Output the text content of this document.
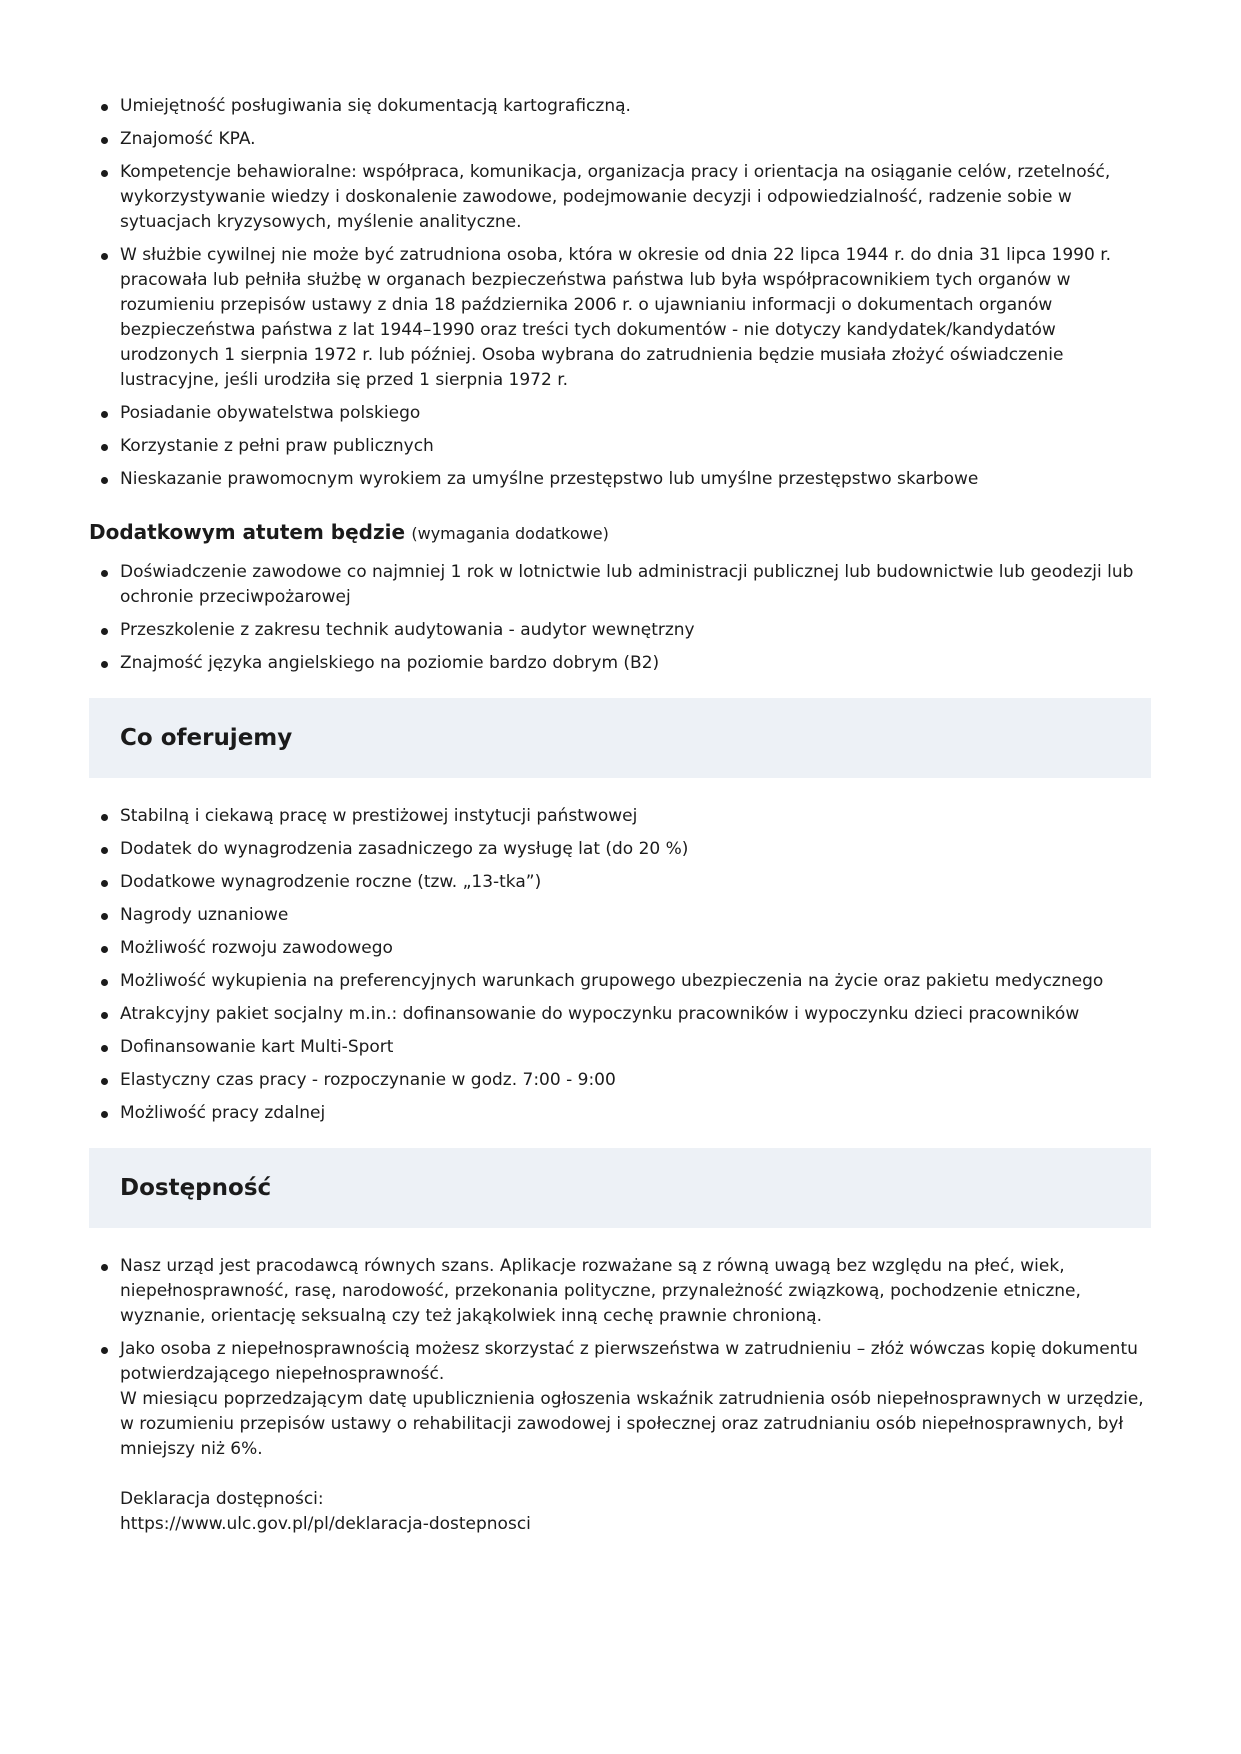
Umiejętność posługiwania się dokumentacją kartograficzną.
Znajomość KPA.
Kompetencje behawioralne: współpraca, komunikacja, organizacja pracy i orientacja na osiąganie celów, rzetelność, wykorzystywanie wiedzy i doskonalenie zawodowe, podejmowanie decyzji i odpowiedzialność, radzenie sobie w sytuacjach kryzysowych, myślenie analityczne.
W służbie cywilnej nie może być zatrudniona osoba, która w okresie od dnia 22 lipca 1944 r. do dnia 31 lipca 1990 r. pracowała lub pełniła służbę w organach bezpieczeństwa państwa lub była współpracownikiem tych organów w rozumieniu przepisów ustawy z dnia 18 października 2006 r. o ujawnianiu informacji o dokumentach organów bezpieczeństwa państwa z lat 1944–1990 oraz treści tych dokumentów - nie dotyczy kandydatek/kandydatów urodzonych 1 sierpnia 1972 r. lub później. Osoba wybrana do zatrudnienia będzie musiała złożyć oświadczenie lustracyjne, jeśli urodziła się przed 1 sierpnia 1972 r.
Posiadanie obywatelstwa polskiego
Korzystanie z pełni praw publicznych
Nieskazanie prawomocnym wyrokiem za umyślne przestępstwo lub umyślne przestępstwo skarbowe
Dodatkowym atutem będzie (wymagania dodatkowe)
Doświadczenie zawodowe co najmniej 1 rok w lotnictwie lub administracji publicznej lub budownictwie lub geodezji lub ochronie przeciwpożarowej
Przeszkolenie z zakresu technik audytowania - audytor wewnętrzny
Znajmość języka angielskiego na poziomie bardzo dobrym (B2)
Co oferujemy
Stabilną i ciekawą pracę w prestiżowej instytucji państwowej
Dodatek do wynagrodzenia zasadniczego za wysługę lat (do 20 %)
Dodatkowe wynagrodzenie roczne (tzw. „13-tka”)
Nagrody uznaniowe
Możliwość rozwoju zawodowego
Możliwość wykupienia na preferencyjnych warunkach grupowego ubezpieczenia na życie oraz pakietu medycznego
Atrakcyjny pakiet socjalny m.in.: dofinansowanie do wypoczynku pracowników i wypoczynku dzieci pracowników
Dofinansowanie kart Multi-Sport
Elastyczny czas pracy - rozpoczynanie w godz. 7:00 - 9:00
Możliwość pracy zdalnej
Dostępność
Nasz urząd jest pracodawcą równych szans. Aplikacje rozważane są z równą uwagą bez względu na płeć, wiek, niepełnosprawność, rasę, narodowość, przekonania polityczne, przynależność związkową, pochodzenie etniczne, wyznanie, orientację seksualną czy też jakąkolwiek inną cechę prawnie chronioną.
Jako osoba z niepełnosprawnością możesz skorzystać z pierwszeństwa w zatrudnieniu – złóż wówczas kopię dokumentu potwierdzającego niepełnosprawność.
W miesiącu poprzedzającym datę upublicznienia ogłoszenia wskaźnik zatrudnienia osób niepełnosprawnych w urzędzie, w rozumieniu przepisów ustawy o rehabilitacji zawodowej i społecznej oraz zatrudnianiu osób niepełnosprawnych, był mniejszy niż 6%.
Deklaracja dostępności:
https://www.ulc.gov.pl/pl/deklaracja-dostepnosci
